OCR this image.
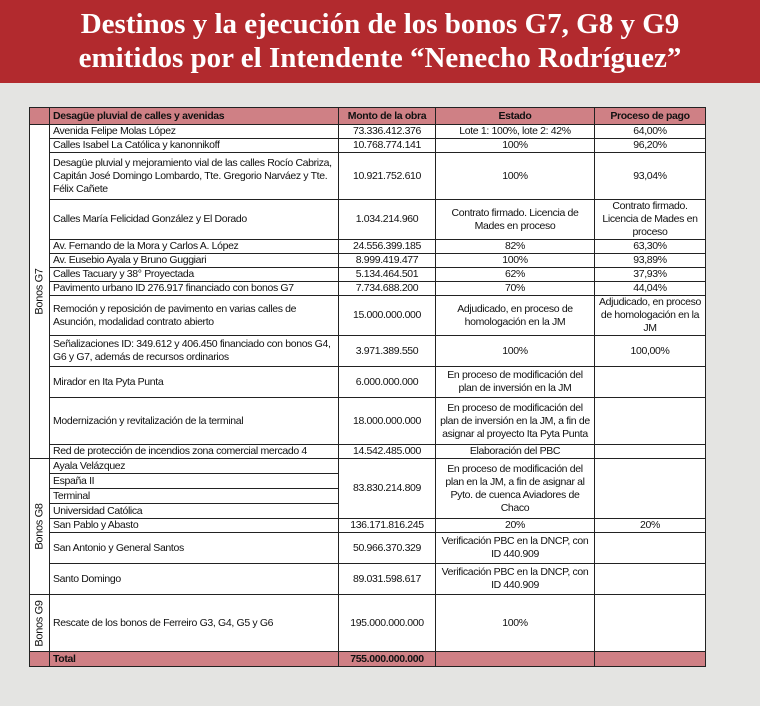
Destinos y la ejecución de los bonos G7, G8 y G9
emitidos por el Intendente “Nenecho Rodríguez”
	Desagüe pluvial de calles y avenidas	Monto de la obra	Estado	Proceso de pago

Bonos G7	Avenida Felipe Molas López	73.336.412.376	Lote 1: 100%, lote 2: 42%	64,00%
	Calles Isabel La Católica y kanonnikoff	10.768.774.141	100%	96,20%
	Desagüe pluvial y mejoramiento vial de las calles Rocío Cabriza, Capitán José Domingo Lombardo, Tte. Gregorio Narváez y Tte. Félix Cañete	10.921.752.610	100%	93,04%
	Calles María Felicidad González y El Dorado	1.034.214.960	Contrato firmado. Licencia de Mades en proceso	Contrato firmado. Licencia de Mades en proceso
	Av. Fernando de la Mora y Carlos A. López	24.556.399.185	82%	63,30%
	Av. Eusebio Ayala y Bruno Guggiari	8.999.419.477	100%	93,89%
	Calles Tacuary y 38° Proyectada	5.134.464.501	62%	37,93%
	Pavimento urbano ID 276.917 financiado con bonos G7	7.734.688.200	70%	44,04%
	Remoción y reposición de pavimento en varias calles de Asunción, modalidad contrato abierto	15.000.000.000	Adjudicado, en proceso de homologación en la JM	Adjudicado, en proceso de homologación en la JM
	Señalizaciones ID: 349.612 y 406.450 financiado con bonos G4, G6 y G7, además de recursos ordinarios	3.971.389.550	100%	100,00%
	Mirador en Ita Pyta Punta	6.000.000.000	En proceso de modificación del plan de inversión en la JM	
	Modernización y revitalización de la terminal	18.000.000.000	En proceso de modificación del plan de inversión en la JM, a fin de asignar al proyecto Ita Pyta Punta	
	Red de protección de incendios zona comercial mercado 4	14.542.485.000	Elaboración del PBC	

Bonos G8	Ayala Velázquez	83.830.214.809	En proceso de modificación del plan en la JM, a fin de asignar al Pyto. de cuenca Aviadores de Chaco	
	España II			
	Terminal			
	Universidad Católica			
	San Pablo y Abasto	136.171.816.245	20%	20%
	San Antonio y General Santos	50.966.370.329	Verificación PBC en la DNCP, con ID 440.909	
	Santo Domingo	89.031.598.617	Verificación PBC en la DNCP, con ID 440.909	

Bonos G9	Rescate de los bonos de Ferreiro G3, G4, G5 y G6	195.000.000.000	100%	
	Total	755.000.000.000		
